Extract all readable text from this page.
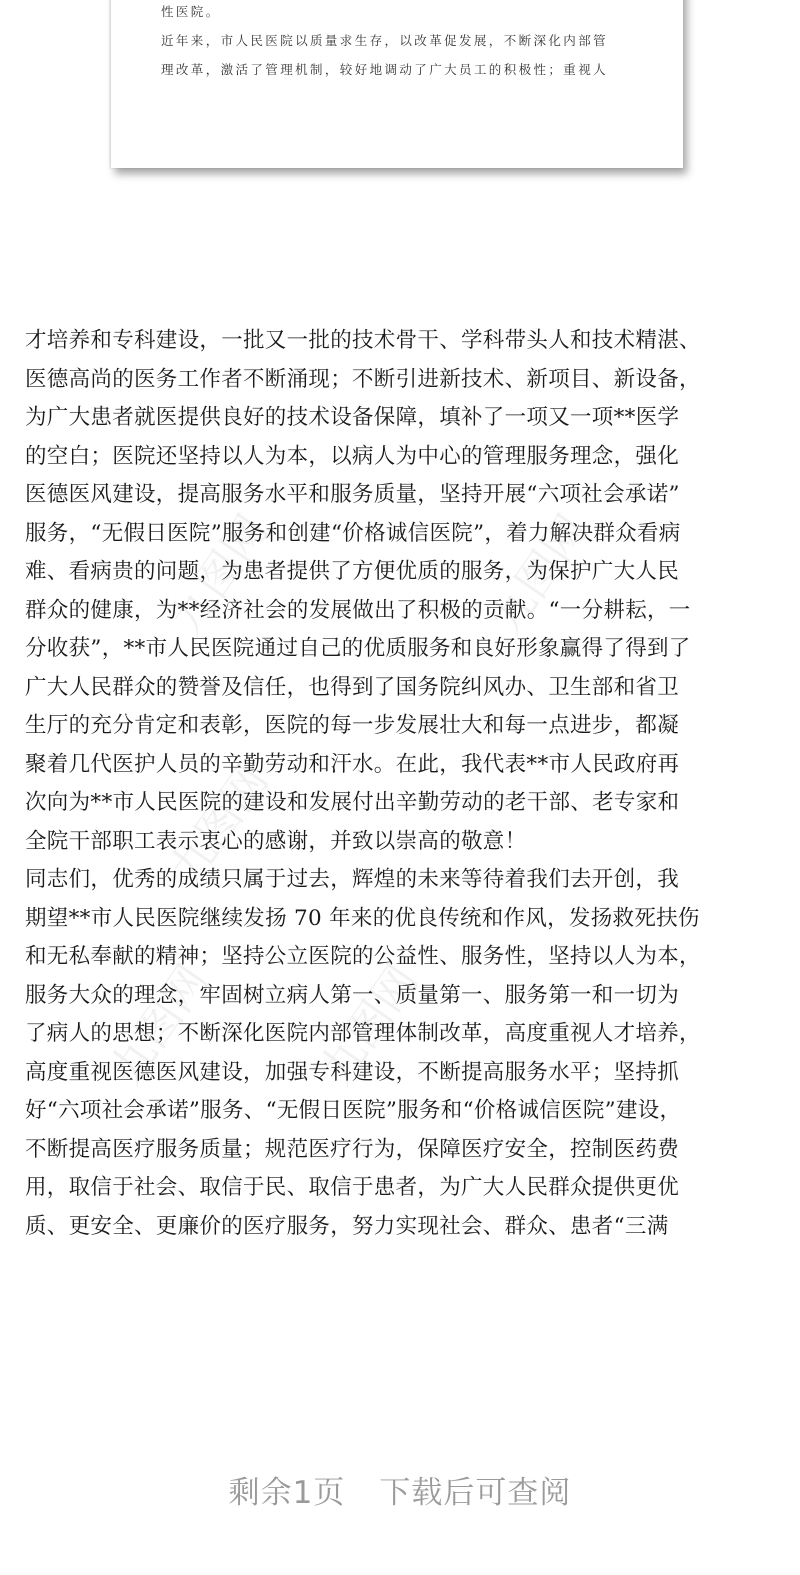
性医院。
近年来，市人民医院以质量求生存，以改革促发展，不断深化内部管
理改革，激活了管理机制，较好地调动了广大员工的积极性；重视人
九图网	九图网
九图网
九图网 九图网
才培养和专科建设，一批又一批的技术骨干、学科带头人和技术精湛、
医德高尚的医务工作者不断涌现；不断引进新技术、新项目、新设备，
为广大患者就医提供良好的技术设备保障，填补了一项又一项**医学
的空白；医院还坚持以人为本，以病人为中心的管理服务理念，强化
医德医风建设，提高服务水平和服务质量，坚持开展“六项社会承诺”
服务，“无假日医院”服务和创建“价格诚信医院”，着力解决群众看病
难、看病贵的问题，为患者提供了方便优质的服务，为保护广大人民
群众的健康，为**经济社会的发展做出了积极的贡献。“一分耕耘，一
分收获”，**市人民医院通过自己的优质服务和良好形象赢得了得到了
广大人民群众的赞誉及信任，也得到了国务院纠风办、卫生部和省卫
生厅的充分肯定和表彰，医院的每一步发展壮大和每一点进步，都凝
聚着几代医护人员的辛勤劳动和汗水。在此，我代表**市人民政府再
次向为**市人民医院的建设和发展付出辛勤劳动的老干部、老专家和
全院干部职工表示衷心的感谢，并致以崇高的敬意！
同志们，优秀的成绩只属于过去，辉煌的未来等待着我们去开创，我
期望**市人民医院继续发扬 70 年来的优良传统和作风，发扬救死扶伤
和无私奉献的精神；坚持公立医院的公益性、服务性，坚持以人为本，
服务大众的理念，牢固树立病人第一、质量第一、服务第一和一切为
了病人的思想；不断深化医院内部管理体制改革，高度重视人才培养，
高度重视医德医风建设，加强专科建设，不断提高服务水平；坚持抓
好“六项社会承诺”服务、“无假日医院”服务和“价格诚信医院”建设，
不断提高医疗服务质量；规范医疗行为，保障医疗安全，控制医药费
用，取信于社会、取信于民、取信于患者，为广大人民群众提供更优
质、更安全、更廉价的医疗服务，努力实现社会、群众、患者“三满
剩余1页 下载后可查阅
